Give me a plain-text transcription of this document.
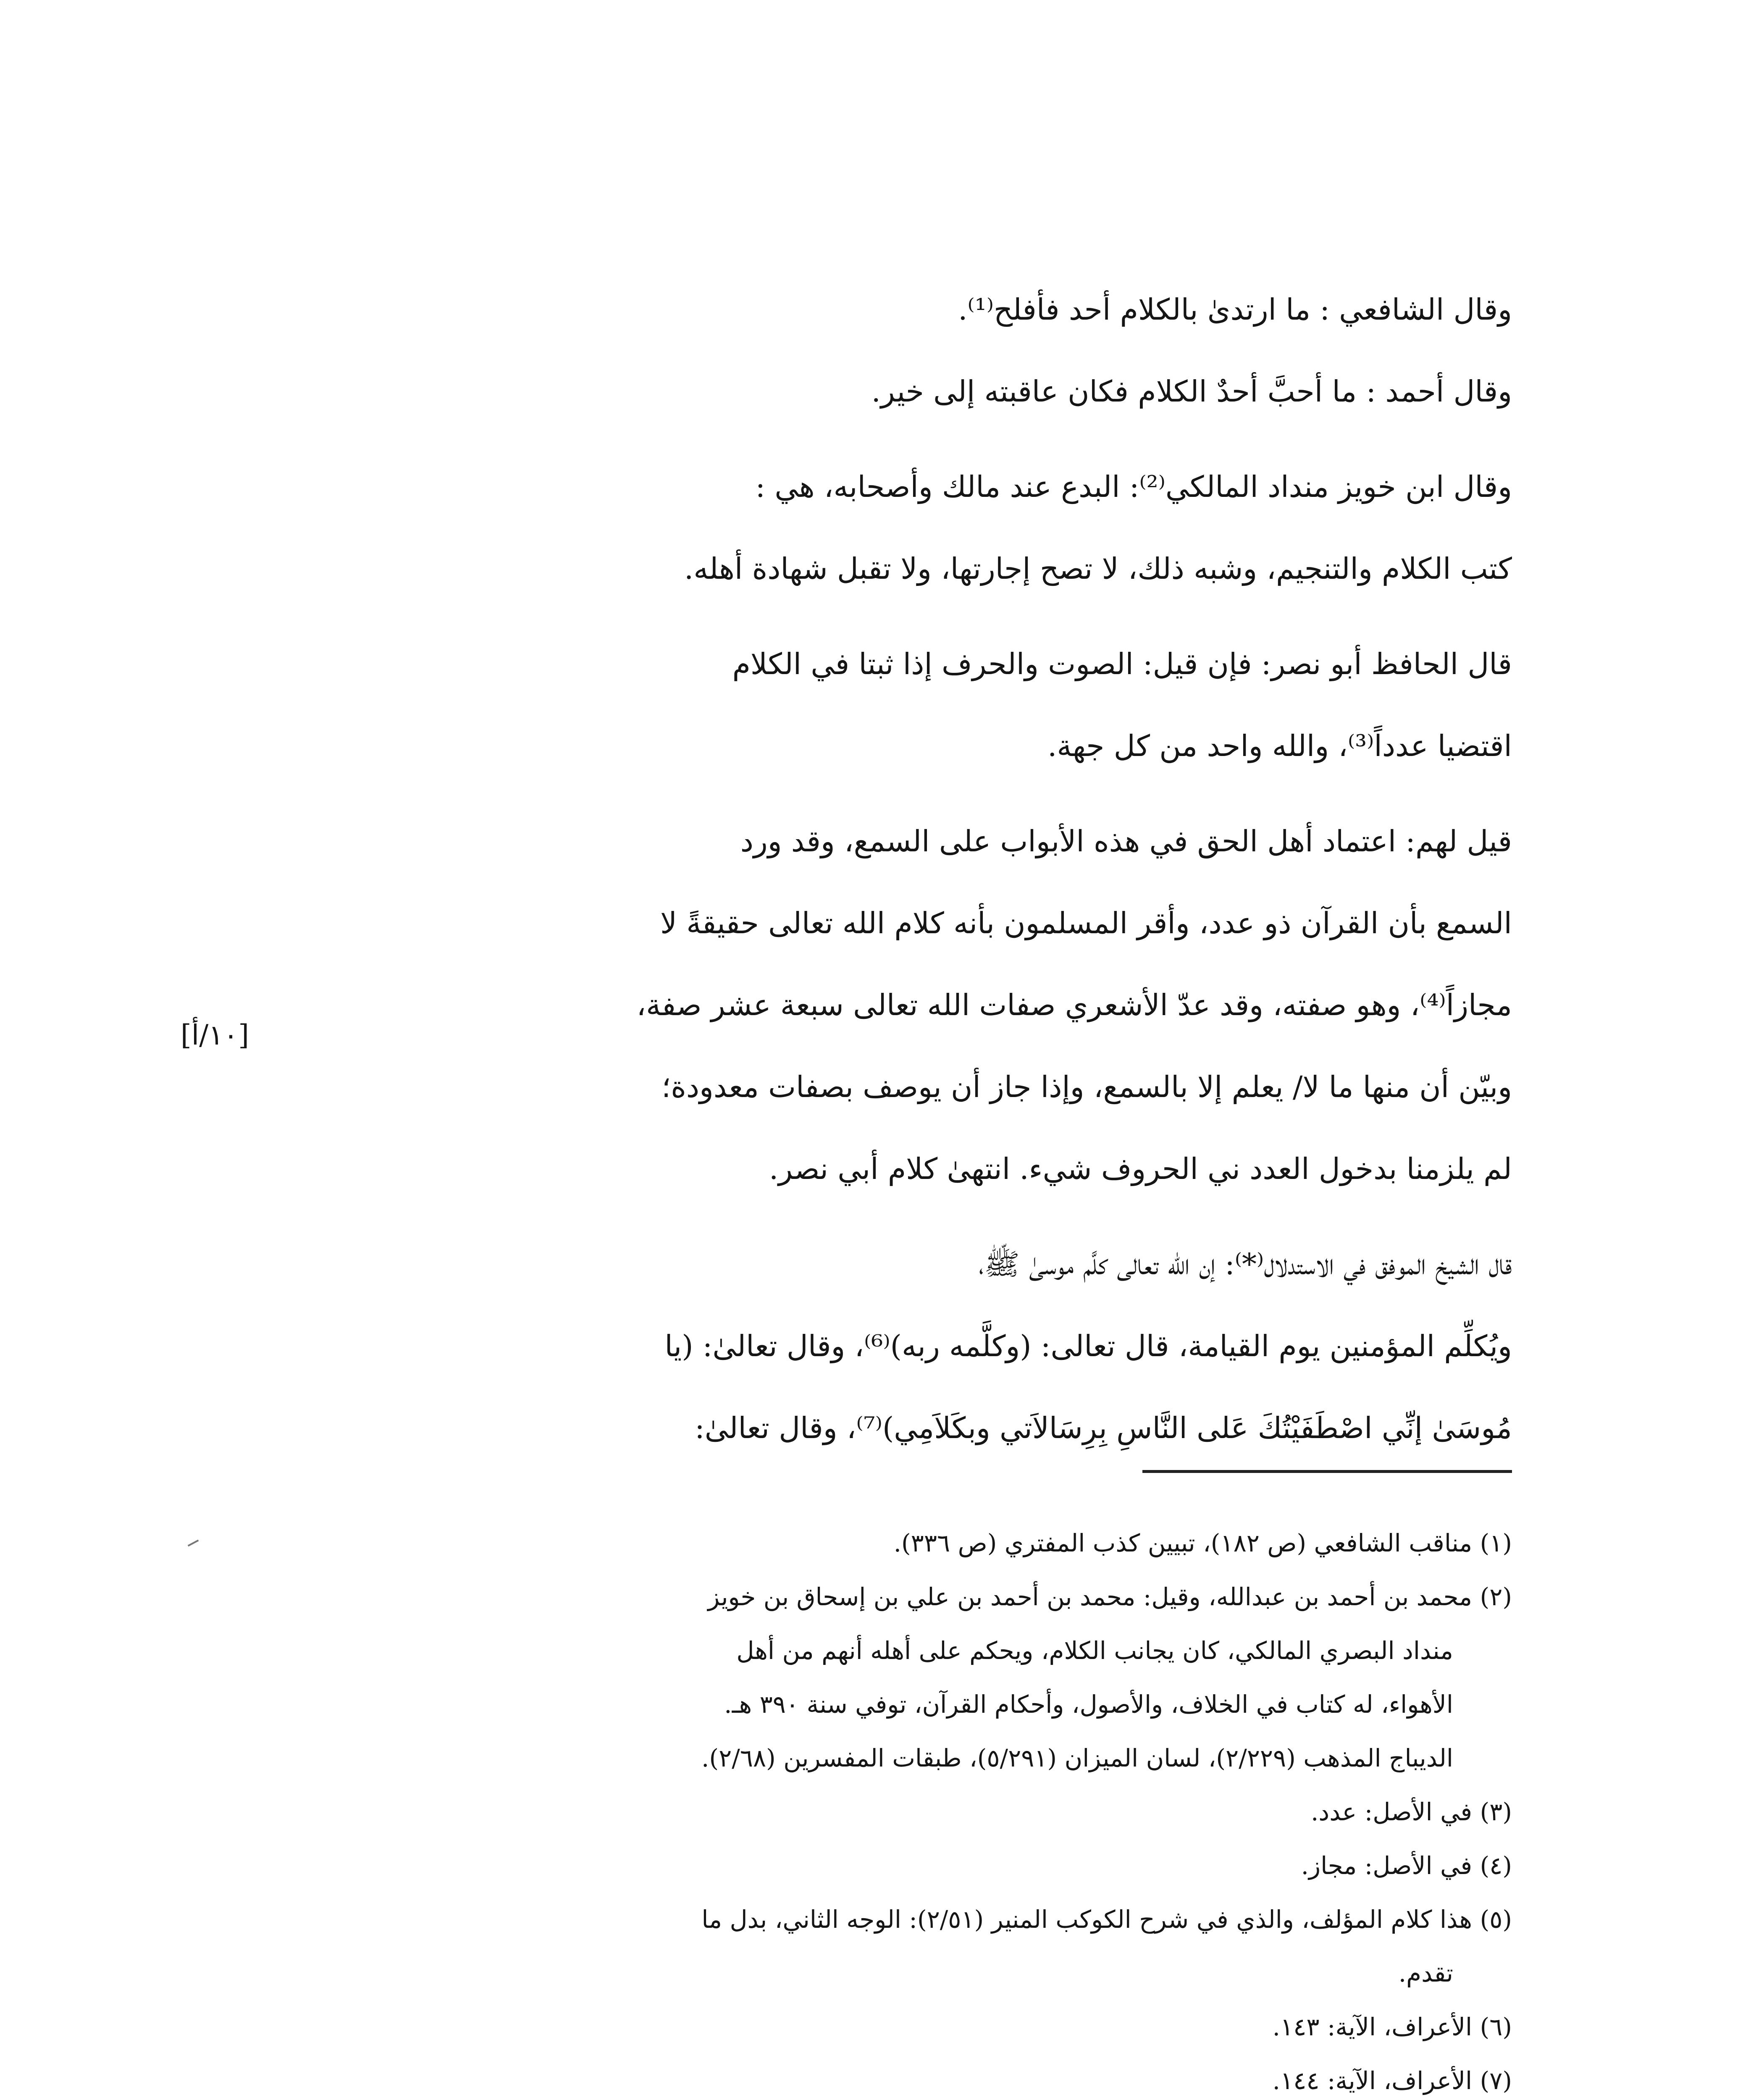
وقال الشافعي : ما ارتدىٰ بالكلام أحد فأفلح⁽¹⁾.
وقال أحمد : ما أحبَّ أحدٌ الكلام فكان عاقبته إلى خير.

وقال ابن خويز منداد المالكي⁽²⁾: البدع عند مالك وأصحابه، هي :
كتب الكلام والتنجيم، وشبه ذلك، لا تصح إجارتها، ولا تقبل شهادة أهله.

قال الحافظ أبو نصر: فإن قيل: الصوت والحرف إذا ثبتا في الكلام
اقتضيا عدداً⁽³⁾، والله واحد من كل جهة.

قيل لهم: اعتماد أهل الحق في هذه الأبواب على السمع، وقد ورد
السمع بأن القرآن ذو عدد، وأقر المسلمون بأنه كلام الله تعالى حقيقةً لا
مجازاً⁽⁴⁾، وهو صفته، وقد عدّ الأشعري صفات الله تعالى سبعة عشر صفة،
وبيّن أن منها ما لا/ يعلم إلا بالسمع، وإذا جاز أن يوصف بصفات معدودة؛
لم يلزمنا بدخول العدد ني الحروف شيء. انتهىٰ كلام أبي نصر.

قال الشيخ الموفق في الاستدلال⁽*⁾: إن الله تعالى كلَّم موسىٰ ﷺ،
ويُكلِّم المؤمنين يوم القيامة، قال تعالى: (وكلَّمه ربه)⁽⁶⁾، وقال تعالىٰ: (يا
مُوسَىٰ إنِّي اصْطَفَيْتُكَ عَلى النَّاسِ بِرِسَالاَتي وبكَلاَمِي)⁽⁷⁾، وقال تعالىٰ:

[١٠/أ]
(١) مناقب الشافعي (ص ١٨٢)، تبيين كذب المفتري (ص ٣٣٦).
(٢) محمد بن أحمد بن عبدالله، وقيل: محمد بن أحمد بن علي بن إسحاق بن خويز
منداد البصري المالكي، كان يجانب الكلام، ويحكم على أهله أنهم من أهل
الأهواء، له كتاب في الخلاف، والأصول، وأحكام القرآن، توفي سنة ٣٩٠ هـ.
الديباج المذهب (٢/٢٢٩)، لسان الميزان (٥/٢٩١)، طبقات المفسرين (٢/٦٨).
(٣) في الأصل: عدد.
(٤) في الأصل: مجاز.
(٥) هذا كلام المؤلف، والذي في شرح الكوكب المنير (٢/٥١): الوجه الثاني، بدل ما
تقدم.
(٦) الأعراف، الآية: ١٤٣.
(٧) الأعراف، الآية: ١٤٤.
